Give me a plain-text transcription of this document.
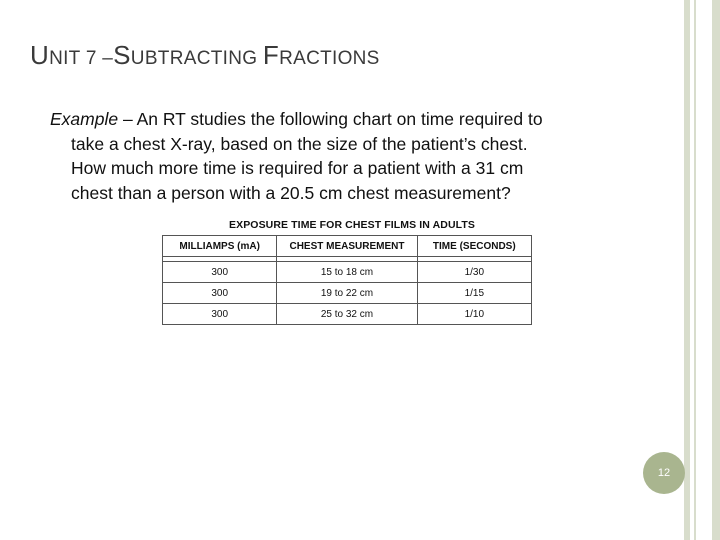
UNIT 7 –SUBTRACTING FRACTIONS
Example – An RT studies the following chart on time required to
take a chest X-ray, based on the size of the patient’s chest.
How much more time is required for a patient with a 31 cm
chest than a person with a 20.5 cm chest measurement?
EXPOSURE TIME FOR CHEST FILMS IN ADULTS
MILLIAMPS (mA)	CHEST MEASUREMENT	TIME (SECONDS)

300	15 to 18 cm	1/30
300	19 to 22 cm	1/15
300	25 to 32 cm	1/10
12
